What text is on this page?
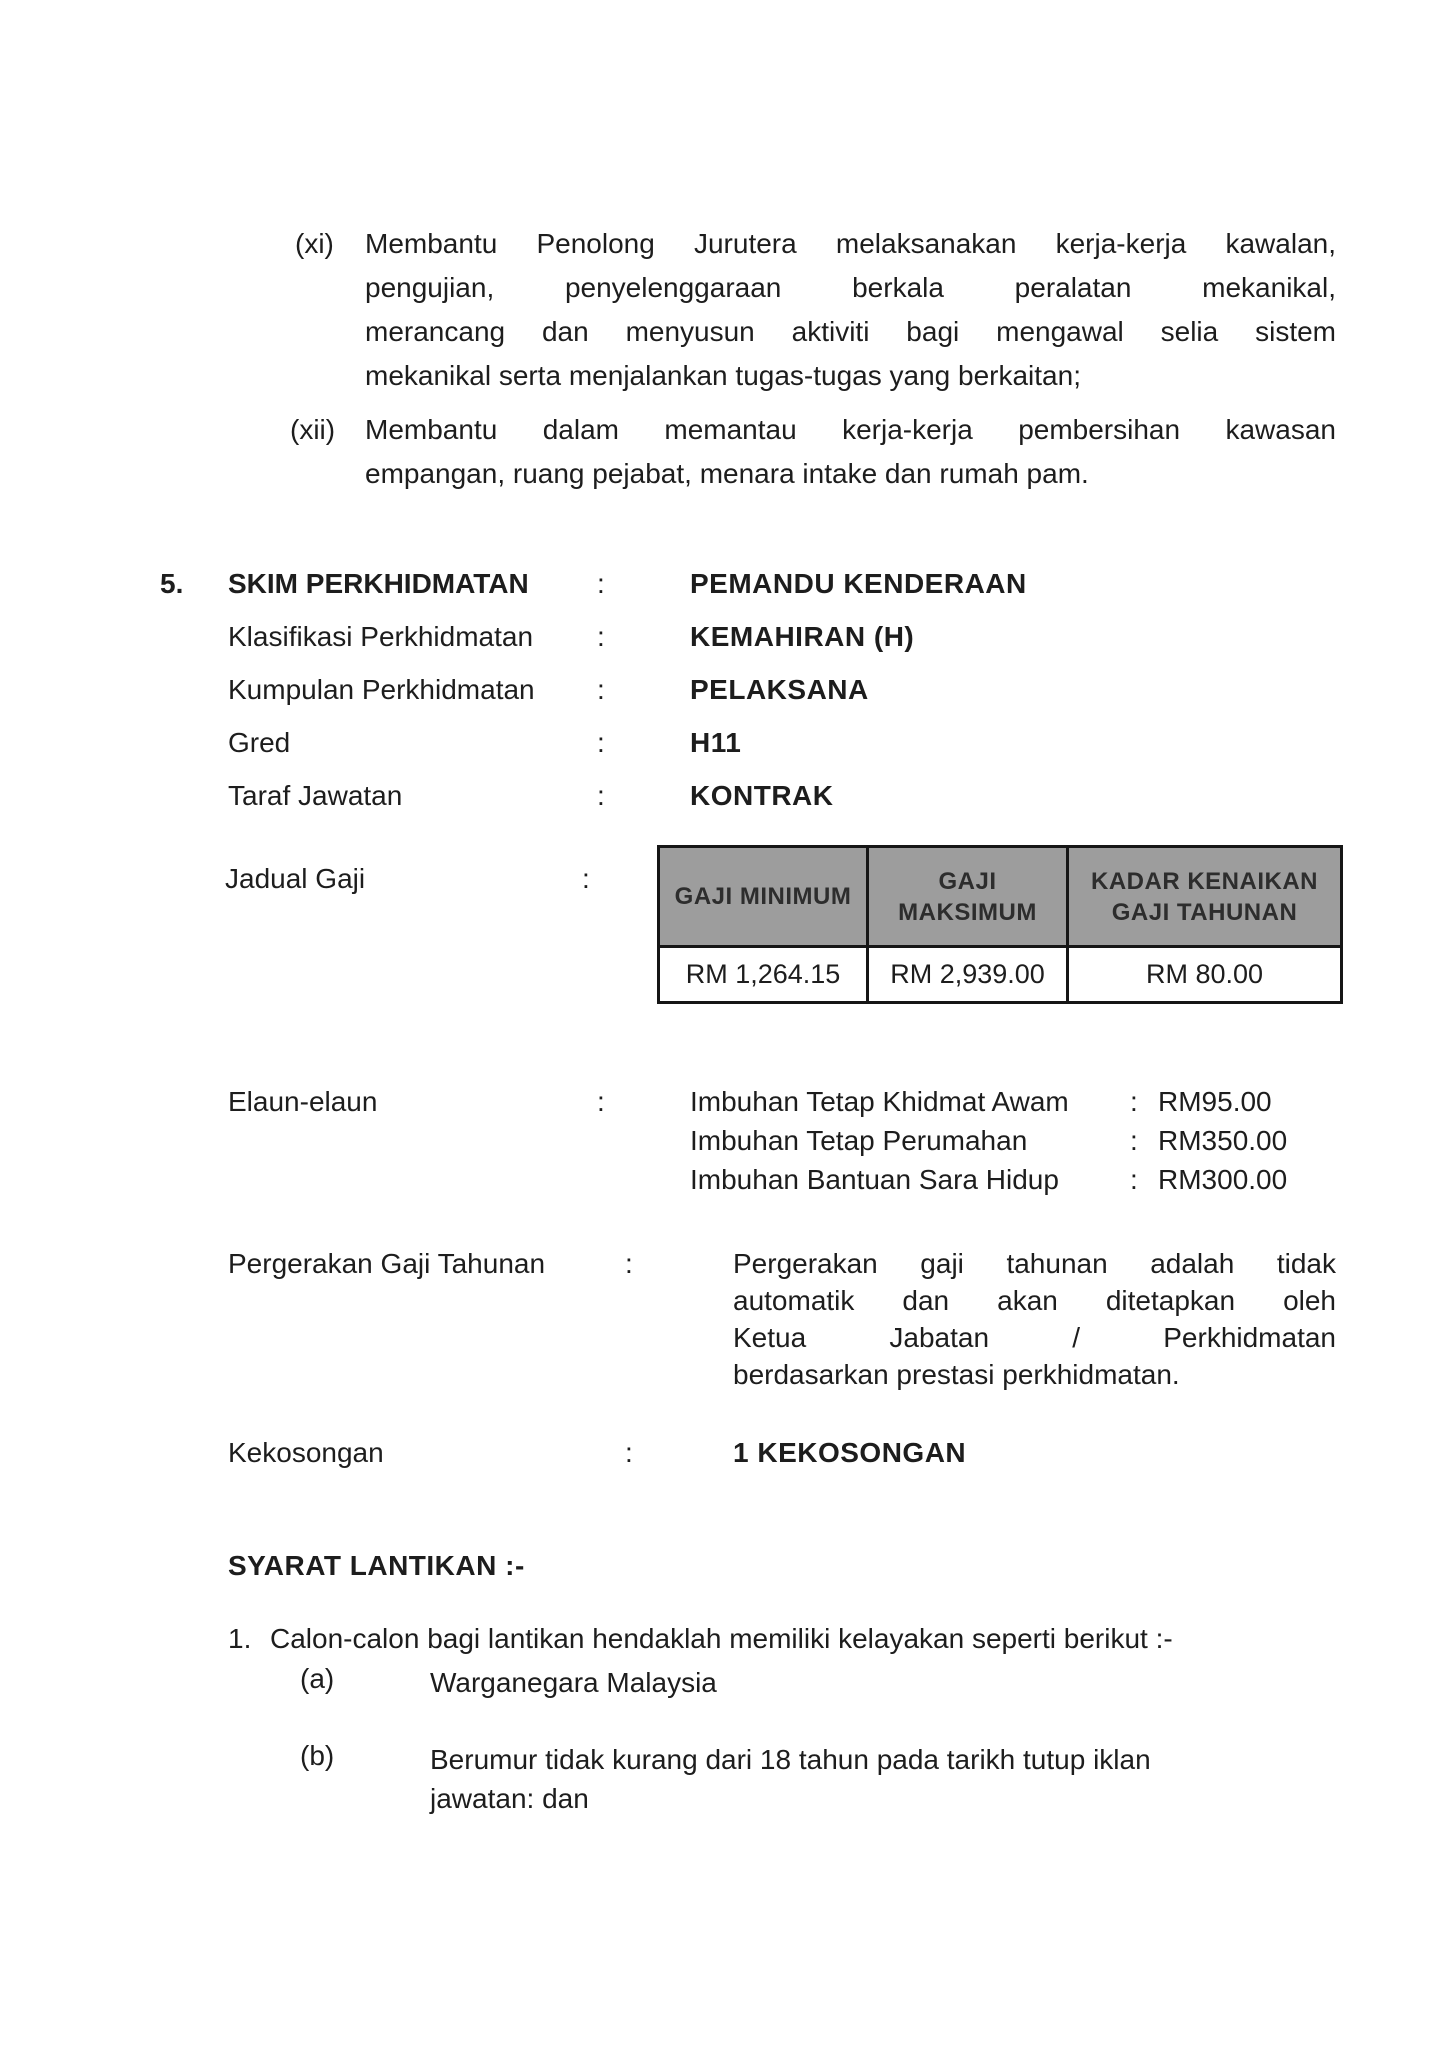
(xi)	Membantu Penolong Jurutera melaksanakan kerja-kerja kawalan,
pengujian, penyelenggaraan berkala peralatan mekanikal,
merancang dan menyusun aktiviti bagi mengawal selia sistem
mekanikal serta menjalankan tugas-tugas yang berkaitan;
(xii)	Membantu dalam memantau kerja-kerja pembersihan kawasan
empangan, ruang pejabat, menara intake dan rumah pam.
5.	SKIM PERKHIDMATAN	:	PEMANDU KENDERAAN
Klasifikasi Perkhidmatan	:	KEMAHIRAN (H)
Kumpulan Perkhidmatan	:	PELAKSANA
Gred	:	H11
Taraf Jawatan	:	KONTRAK
Jadual Gaji	:
GAJI MINIMUM	GAJI MAKSIMUM	KADAR KENAIKAN GAJI TAHUNAN
RM 1,264.15	RM 2,939.00	RM 80.00
Elaun-elaun	:	Imbuhan Tetap Khidmat Awam	: RM95.00
Imbuhan Tetap Perumahan	: RM350.00
Imbuhan Bantuan Sara Hidup	: RM300.00
Pergerakan Gaji Tahunan	:	Pergerakan gaji tahunan adalah tidak
automatik dan akan ditetapkan oleh
Ketua Jabatan / Perkhidmatan
berdasarkan prestasi perkhidmatan.
Kekosongan	:	1 KEKOSONGAN
SYARAT LANTIKAN :-
1. Calon-calon bagi lantikan hendaklah memiliki kelayakan seperti berikut :-
(a)	Warganegara Malaysia
(b)	Berumur tidak kurang dari 18 tahun pada tarikh tutup iklan
jawatan: dan
